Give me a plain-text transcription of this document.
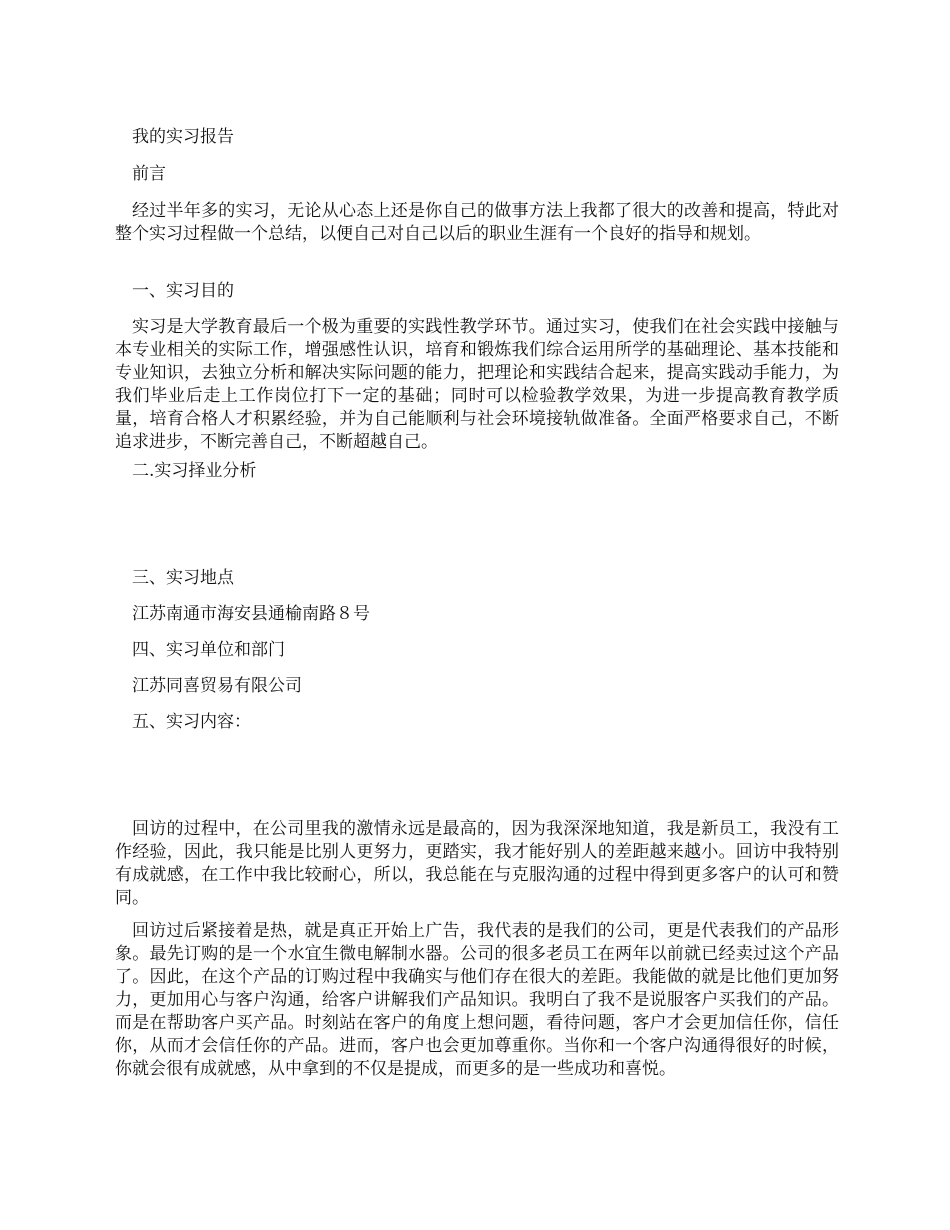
我的实习报告

前言

经过半年多的实习，无论从心态上还是你自己的做事方法上我都了很大的改善和提高，特此对整个实习过程做一个总结，以便自己对自己以后的职业生涯有一个良好的指导和规划。

一、实习目的

实习是大学教育最后一个极为重要的实践性教学环节。通过实习，使我们在社会实践中接触与本专业相关的实际工作，增强感性认识，培育和锻炼我们综合运用所学的基础理论、基本技能和专业知识，去独立分析和解决实际问题的能力，把理论和实践结合起来，提高实践动手能力，为我们毕业后走上工作岗位打下一定的基础；同时可以检验教学效果，为进一步提高教育教学质量，培育合格人才积累经验，并为自己能顺利与社会环境接轨做准备。全面严格要求自己，不断追求进步，不断完善自己，不断超越自己。

二.实习择业分析

三、实习地点

江苏南通市海安县通榆南路８号

四、实习单位和部门

江苏同喜贸易有限公司

五、实习内容：

回访的过程中，在公司里我的激情永远是最高的，因为我深深地知道，我是新员工，我没有工作经验，因此，我只能是比别人更努力，更踏实，我才能好别人的差距越来越小。回访中我特别有成就感，在工作中我比较耐心，所以，我总能在与克服沟通的过程中得到更多客户的认可和赞同。

回访过后紧接着是热，就是真正开始上广告，我代表的是我们的公司，更是代表我们的产品形象。最先订购的是一个水宜生微电解制水器。公司的很多老员工在两年以前就已经卖过这个产品了。因此，在这个产品的订购过程中我确实与他们存在很大的差距。我能做的就是比他们更加努力，更加用心与客户沟通，给客户讲解我们产品知识。我明白了我不是说服客户买我们的产品。而是在帮助客户买产品。时刻站在客户的角度上想问题，看待问题，客户才会更加信任你，信任你，从而才会信任你的产品。进而，客户也会更加尊重你。当你和一个客户沟通得很好的时候，你就会很有成就感，从中拿到的不仅是提成，而更多的是一些成功和喜悦。
